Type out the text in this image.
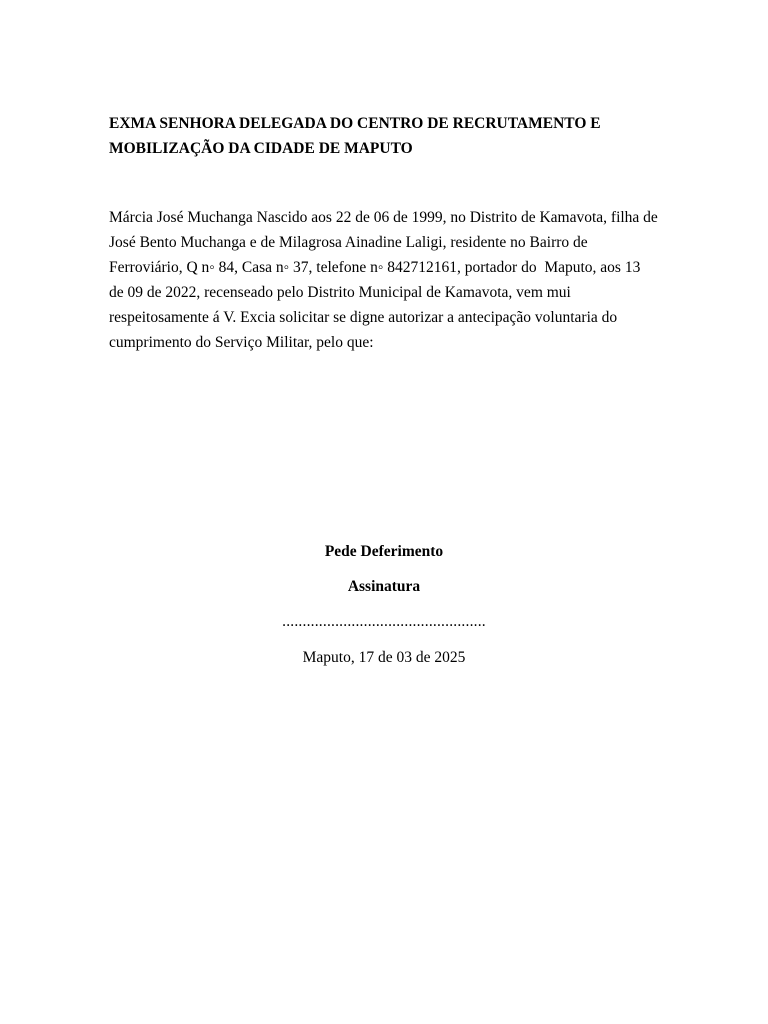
EXMA SENHORA DELEGADA DO CENTRO DE RECRUTAMENTO E
MOBILIZAÇÃO DA CIDADE DE MAPUTO
Márcia José Muchanga Nascido aos 22 de 06 de 1999, no Distrito de Kamavota, filha de
José Bento Muchanga e de Milagrosa Ainadine Laligi, residente no Bairro de
Ferroviário, Q n◦ 84, Casa n◦ 37, telefone n◦ 842712161, portador do  Maputo, aos 13
de 09 de 2022, recenseado pelo Distrito Municipal de Kamavota, vem mui
respeitosamente á V. Excia solicitar se digne autorizar a antecipação voluntaria do
cumprimento do Serviço Militar, pelo que:
Pede Deferimento
Assinatura
..................................................
Maputo, 17 de 03 de 2025
